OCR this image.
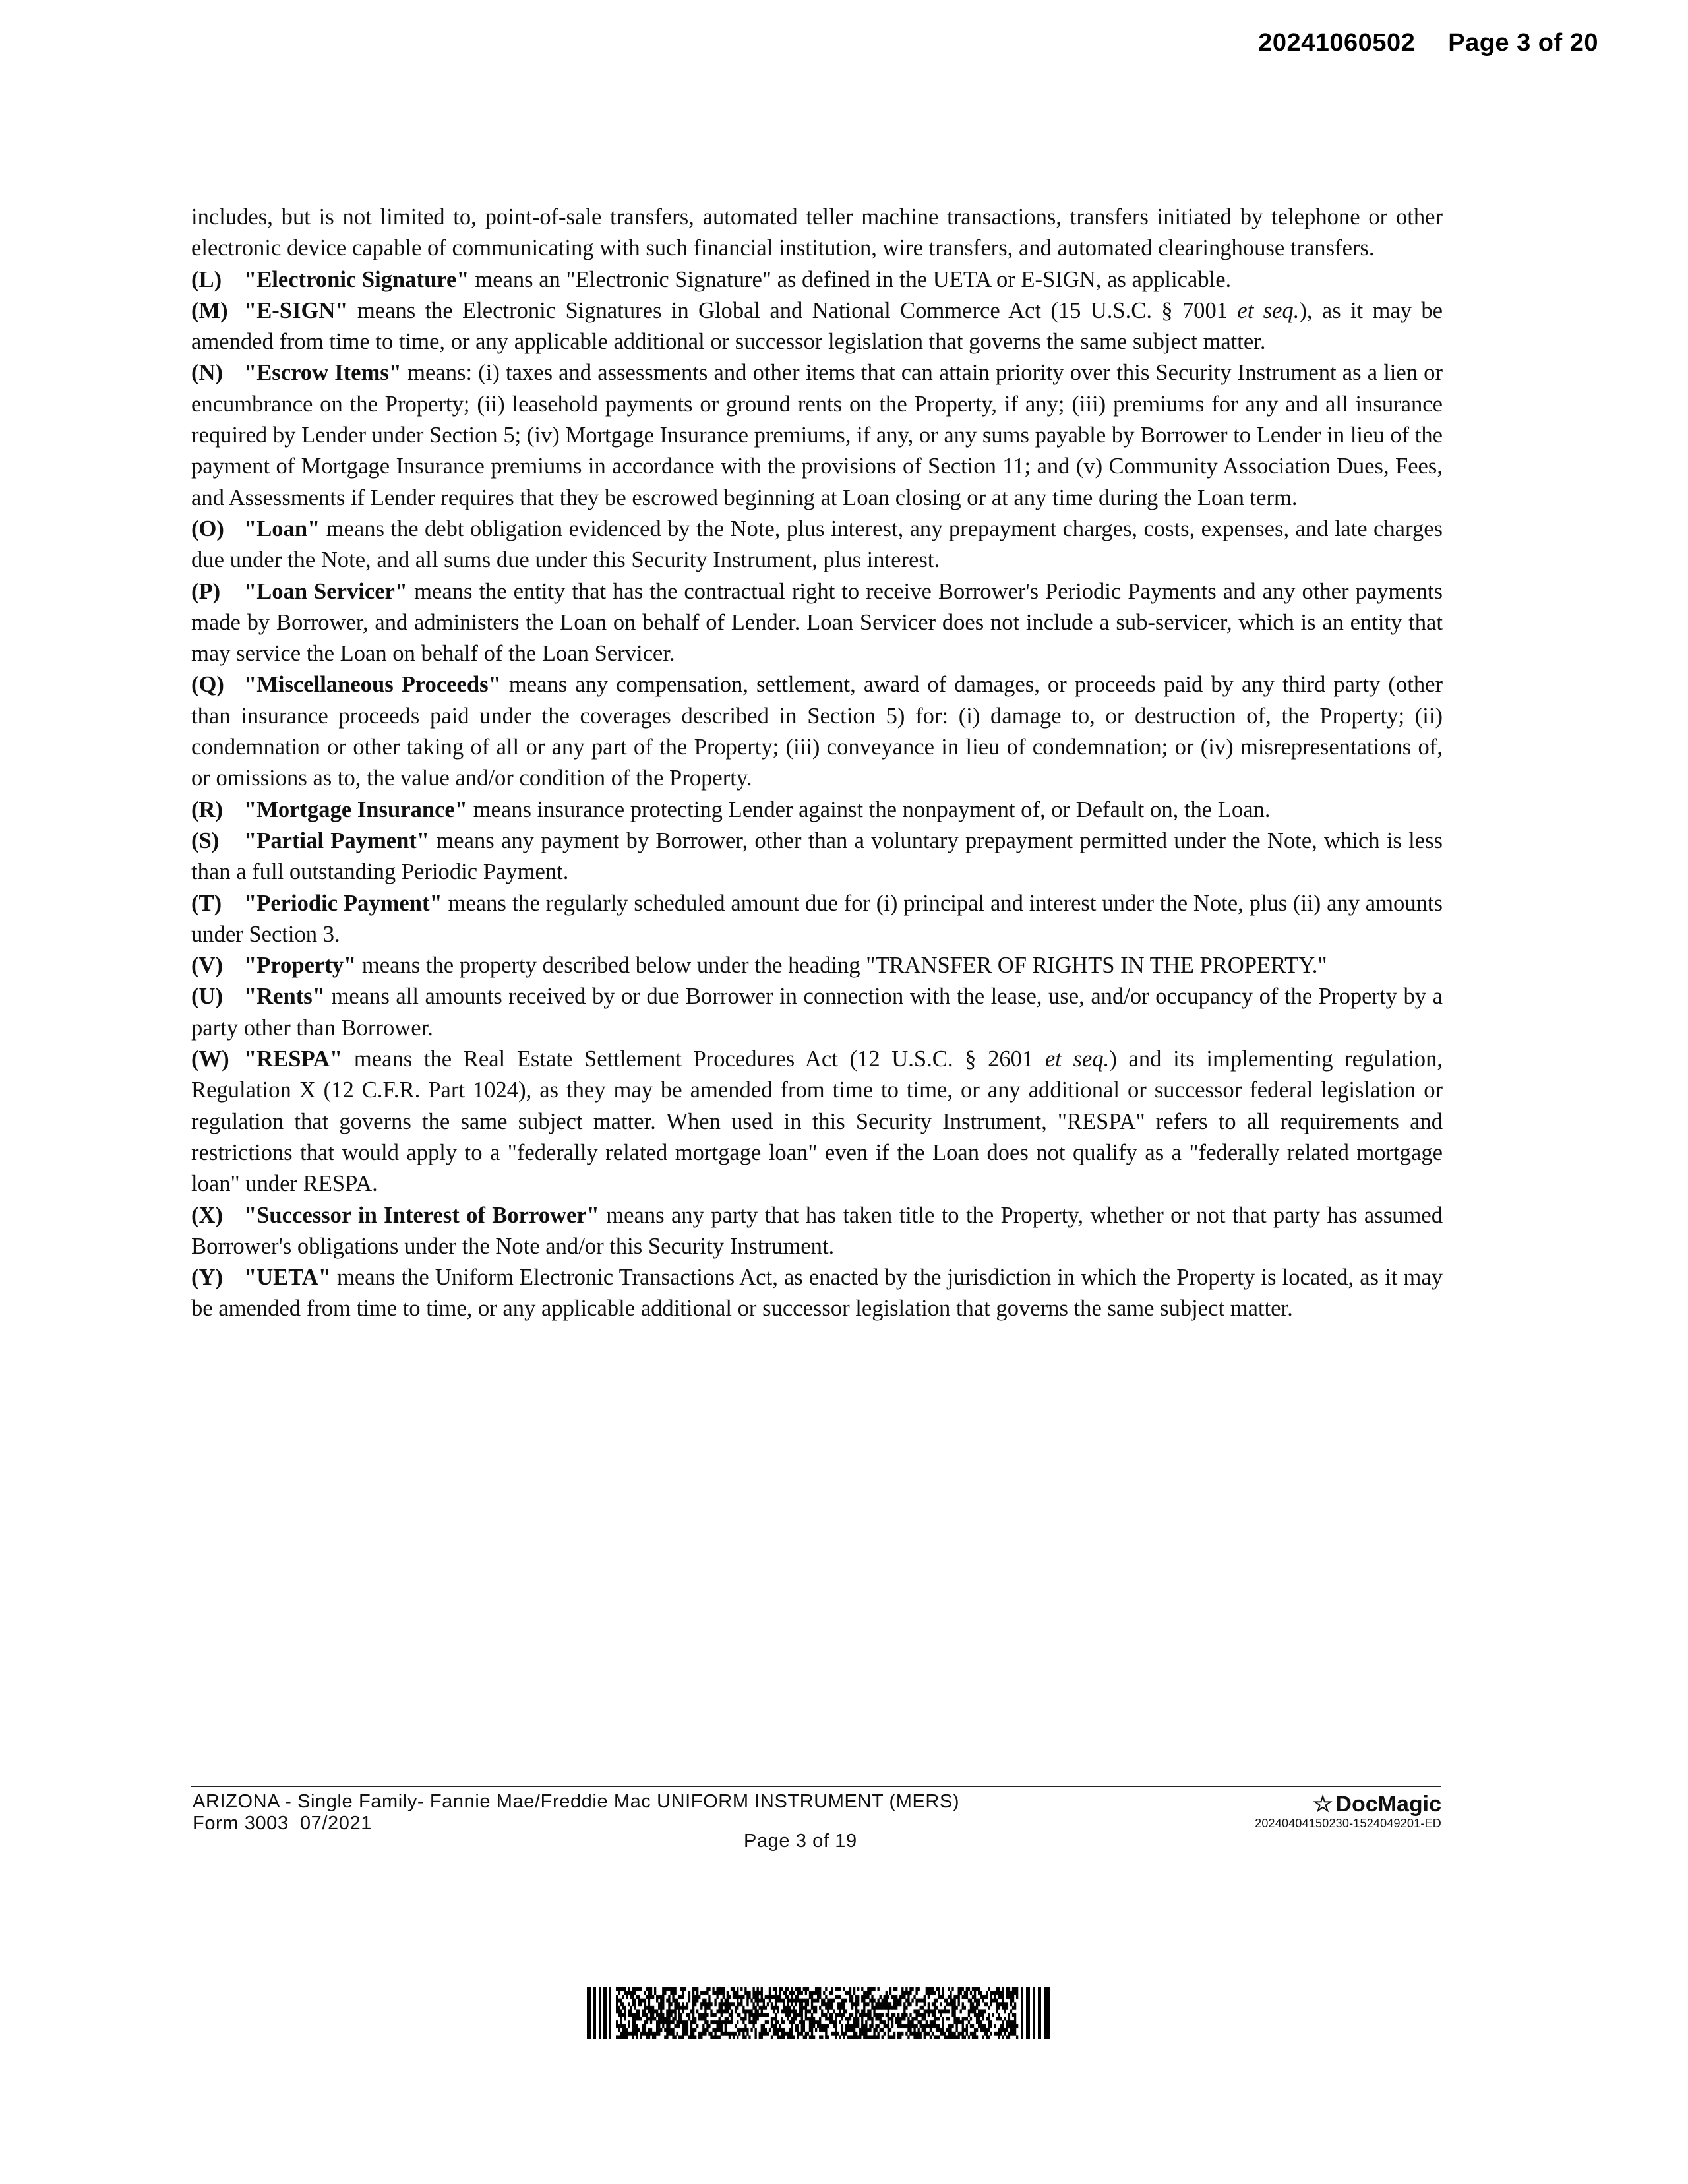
20241060502 Page 3 of 20

includes, but is not limited to, point-of-sale transfers, automated teller machine transactions, transfers initiated by telephone or other electronic device capable of communicating with such financial institution, wire transfers, and automated clearinghouse transfers.

(L) "Electronic Signature" means an "Electronic Signature" as defined in the UETA or E-SIGN, as applicable.

(M) "E-SIGN" means the Electronic Signatures in Global and National Commerce Act (15 U.S.C. § 7001 et seq.), as it may be amended from time to time, or any applicable additional or successor legislation that governs the same subject matter.

(N) "Escrow Items" means: (i) taxes and assessments and other items that can attain priority over this Security Instrument as a lien or encumbrance on the Property; (ii) leasehold payments or ground rents on the Property, if any; (iii) premiums for any and all insurance required by Lender under Section 5; (iv) Mortgage Insurance premiums, if any, or any sums payable by Borrower to Lender in lieu of the payment of Mortgage Insurance premiums in accordance with the provisions of Section 11; and (v) Community Association Dues, Fees, and Assessments if Lender requires that they be escrowed beginning at Loan closing or at any time during the Loan term.

(O) "Loan" means the debt obligation evidenced by the Note, plus interest, any prepayment charges, costs, expenses, and late charges due under the Note, and all sums due under this Security Instrument, plus interest.

(P) "Loan Servicer" means the entity that has the contractual right to receive Borrower's Periodic Payments and any other payments made by Borrower, and administers the Loan on behalf of Lender. Loan Servicer does not include a sub-servicer, which is an entity that may service the Loan on behalf of the Loan Servicer.

(Q) "Miscellaneous Proceeds" means any compensation, settlement, award of damages, or proceeds paid by any third party (other than insurance proceeds paid under the coverages described in Section 5) for: (i) damage to, or destruction of, the Property; (ii) condemnation or other taking of all or any part of the Property; (iii) conveyance in lieu of condemnation; or (iv) misrepresentations of, or omissions as to, the value and/or condition of the Property.

(R) "Mortgage Insurance" means insurance protecting Lender against the nonpayment of, or Default on, the Loan.

(S) "Partial Payment" means any payment by Borrower, other than a voluntary prepayment permitted under the Note, which is less than a full outstanding Periodic Payment.

(T) "Periodic Payment" means the regularly scheduled amount due for (i) principal and interest under the Note, plus (ii) any amounts under Section 3.

(V) "Property" means the property described below under the heading "TRANSFER OF RIGHTS IN THE PROPERTY."

(U) "Rents" means all amounts received by or due Borrower in connection with the lease, use, and/or occupancy of the Property by a party other than Borrower.

(W) "RESPA" means the Real Estate Settlement Procedures Act (12 U.S.C. § 2601 et seq.) and its implementing regulation, Regulation X (12 C.F.R. Part 1024), as they may be amended from time to time, or any additional or successor federal legislation or regulation that governs the same subject matter. When used in this Security Instrument, "RESPA" refers to all requirements and restrictions that would apply to a "federally related mortgage loan" even if the Loan does not qualify as a "federally related mortgage loan" under RESPA.

(X) "Successor in Interest of Borrower" means any party that has taken title to the Property, whether or not that party has assumed Borrower's obligations under the Note and/or this Security Instrument.

(Y) "UETA" means the Uniform Electronic Transactions Act, as enacted by the jurisdiction in which the Property is located, as it may be amended from time to time, or any applicable additional or successor legislation that governs the same subject matter.

ARIZONA - Single Family- Fannie Mae/Freddie Mac UNIFORM INSTRUMENT (MERS)
Form 3003  07/2021
Page 3 of 19
☆ DocMagic
20240404150230-1524049201-ED
